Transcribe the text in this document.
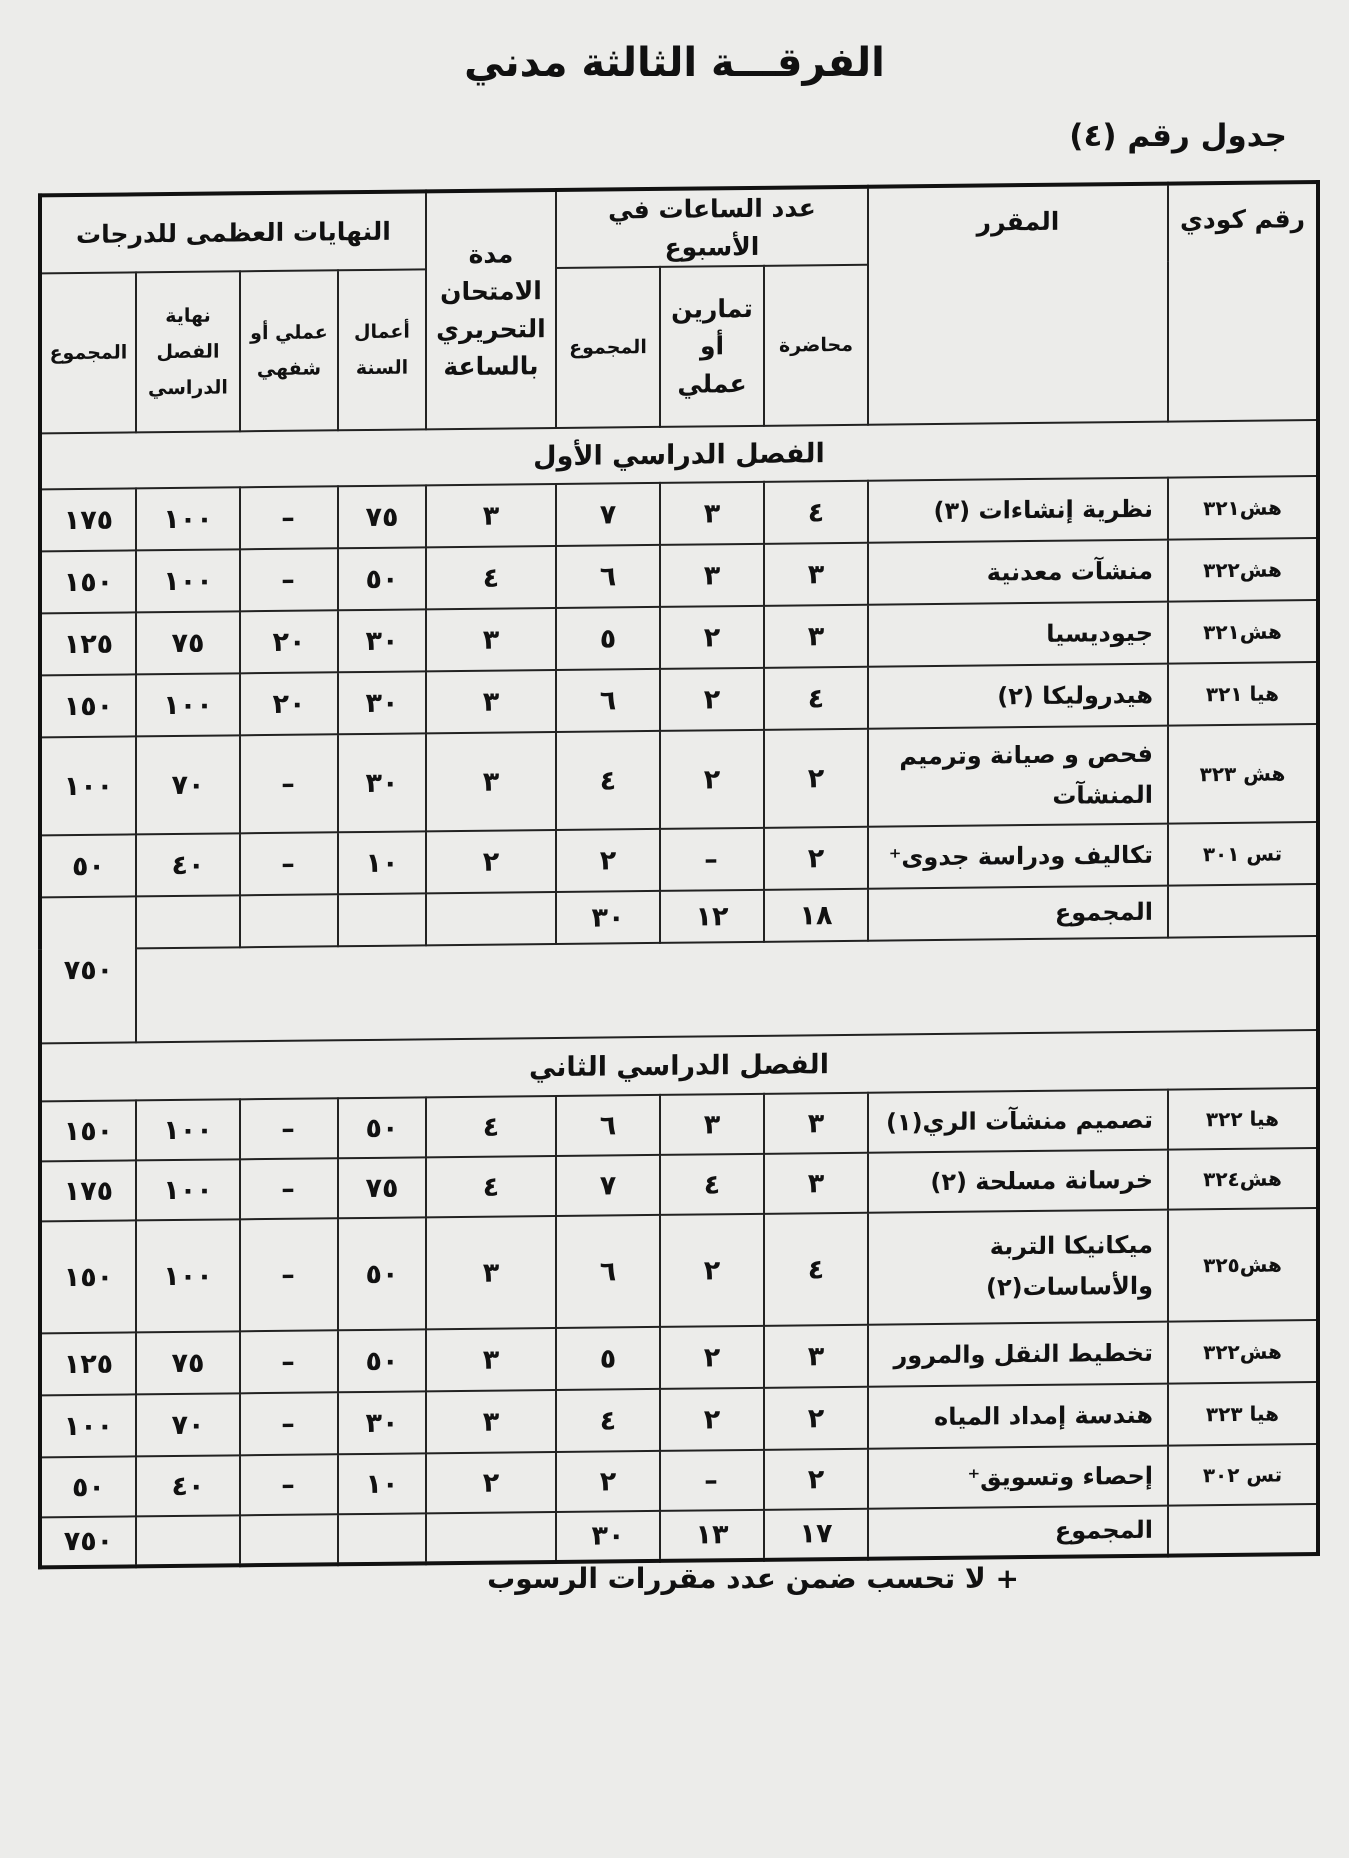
الفرقـــة الثالثة مدني
جدول رقم (٤)
رقم كودي	المقرر	عدد الساعات في الأسبوع			مدة الامتحان التحريري بالساعة	النهايات العظمى للدرجات			
		محاضرة	تمارين أو عملي	المجموع		أعمال السنة	عملي أو شفهي	نهاية الفصل الدراسي	المجموع
الفصل الدراسي الأول									
هش٣٢١	نظرية إنشاءات (٣)	٤	٣	٧	٣	٧٥	–	١٠٠	١٧٥
هش٣٢٢	منشآت معدنية	٣	٣	٦	٤	٥٠	–	١٠٠	١٥٠
هش٣٢١	جيوديسيا	٣	٢	٥	٣	٣٠	٢٠	٧٥	١٢٥
هيا ٣٢١	هيدروليكا (٢)	٤	٢	٦	٣	٣٠	٢٠	١٠٠	١٥٠
هش ٣٢٣	فحص و صيانة وترميم المنشآت	٢	٢	٤	٣	٣٠	–	٧٠	١٠٠
تس ٣٠١	تكاليف ودراسة جدوى⁺	٢	–	٢	٢	١٠	–	٤٠	٥٠
	المجموع	١٨	١٢	٣٠					٧٥٠

الفصل الدراسي الثاني									
هيا ٣٢٢	تصميم منشآت الري(١)	٣	٣	٦	٤	٥٠	–	١٠٠	١٥٠
هش٣٢٤	خرسانة مسلحة (٢)	٣	٤	٧	٤	٧٥	–	١٠٠	١٧٥
هش٣٢٥	ميكانيكا التربة والأساسات(٢)	٤	٢	٦	٣	٥٠	–	١٠٠	١٥٠
هش٣٢٢	تخطيط النقل والمرور	٣	٢	٥	٣	٥٠	–	٧٥	١٢٥
هيا ٣٢٣	هندسة إمداد المياه	٢	٢	٤	٣	٣٠	–	٧٠	١٠٠
تس ٣٠٢	إحصاء وتسويق⁺	٢	–	٢	٢	١٠	–	٤٠	٥٠
	المجموع	١٧	١٣	٣٠					٧٥٠
+ لا تحسب ضمن عدد مقررات الرسوب
